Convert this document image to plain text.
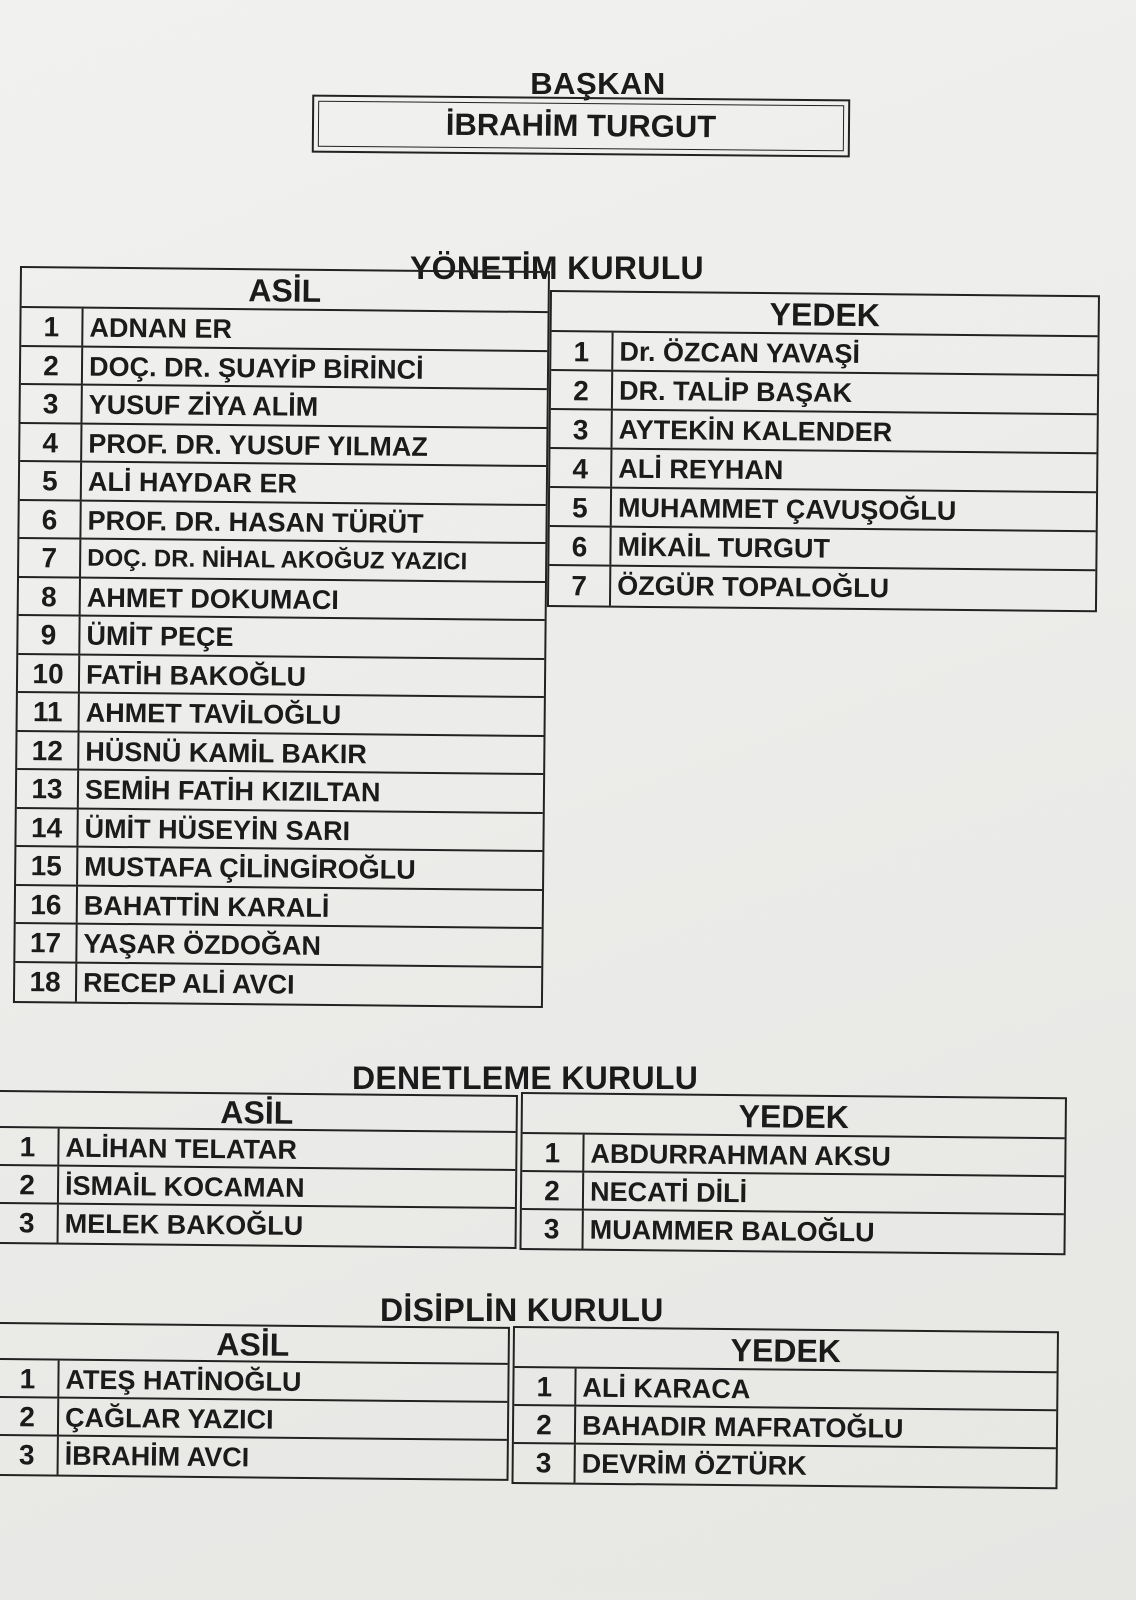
BAŞKAN
İBRAHİM TURGUT
YÖNETİM KURULU
ASİL
1	ADNAN ER
2	DOÇ. DR. ŞUAYİP BİRİNCİ
3	YUSUF ZİYA ALİM
4	PROF. DR. YUSUF YILMAZ
5	ALİ HAYDAR ER
6	PROF. DR. HASAN TÜRÜT
7	DOÇ. DR. NİHAL AKOĞUZ YAZICI
8	AHMET DOKUMACI
9	ÜMİT PEÇE
10 FATİH BAKOĞLU
11 AHMET TAVİLOĞLU
12 HÜSNÜ KAMİL BAKIR
13 SEMİH FATİH KIZILTAN
14 ÜMİT HÜSEYİN SARI
15 MUSTAFA ÇİLİNGİROĞLU
16 BAHATTİN KARALİ
17 YAŞAR ÖZDOĞAN
18 RECEP ALİ AVCI
YEDEK
1	Dr. ÖZCAN YAVAŞİ
2	DR. TALİP BAŞAK
3	AYTEKİN KALENDER
4	ALİ REYHAN
5	MUHAMMET ÇAVUŞOĞLU
6	MİKAİL TURGUT
7	ÖZGÜR TOPALOĞLU
DENETLEME KURULU
ASİL
1	ALİHAN TELATAR
2	İSMAİL KOCAMAN
3	MELEK BAKOĞLU
YEDEK
1	ABDURRAHMAN AKSU
2	NECATİ DİLİ
3	MUAMMER BALOĞLU
DİSİPLİN KURULU
ASİL
1	ATEŞ HATİNOĞLU
2	ÇAĞLAR YAZICI
3	İBRAHİM AVCI
YEDEK
1	ALİ KARACA
2	BAHADIR MAFRATOĞLU
3	DEVRİM ÖZTÜRK
